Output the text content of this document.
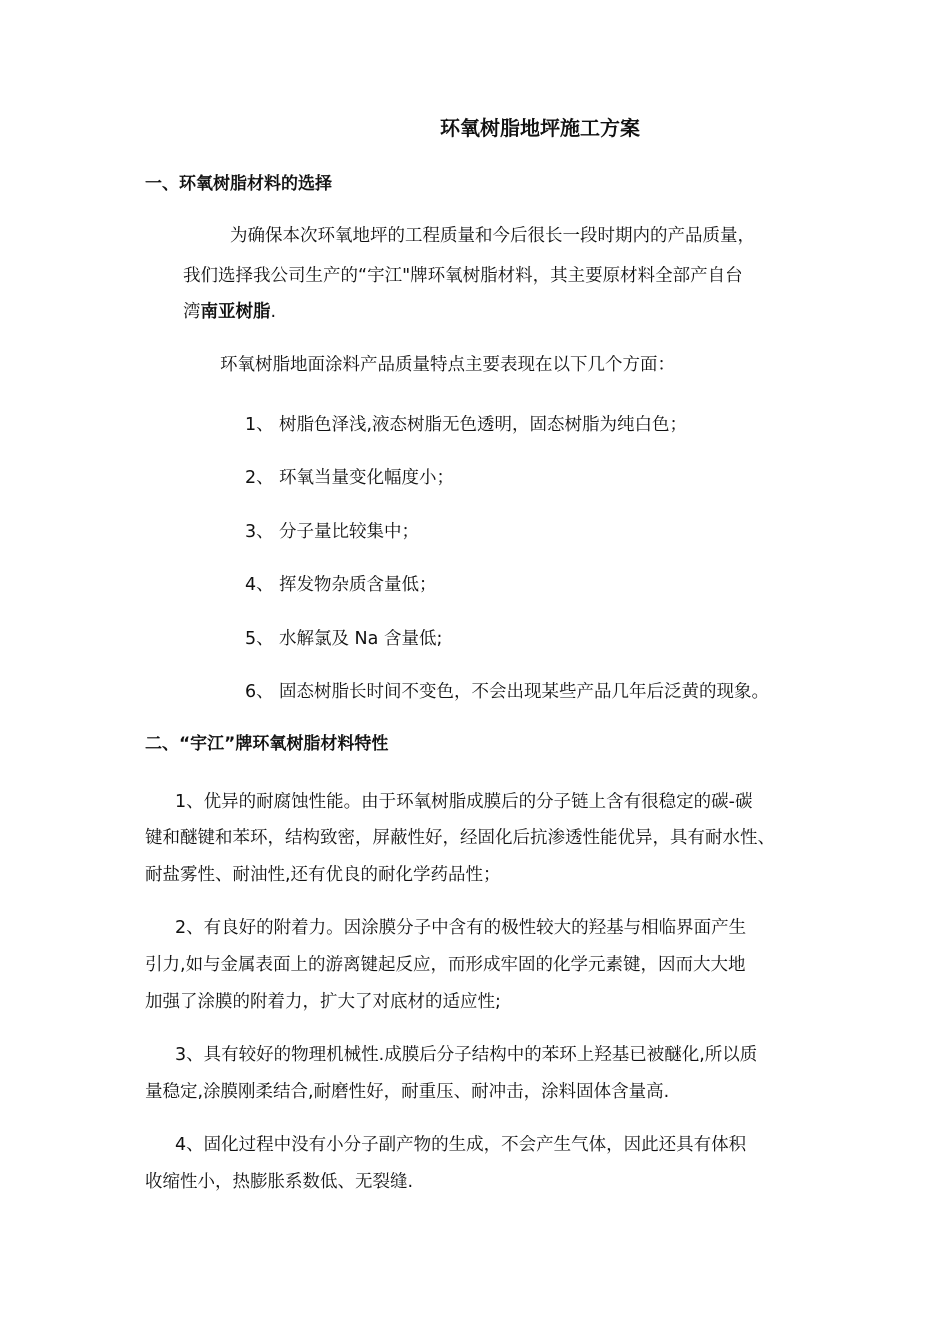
环氧树脂地坪施工方案
一、环氧树脂材料的选择
为确保本次环氧地坪的工程质量和今后很长一段时期内的产品质量，
我们选择我公司生产的“宇江"牌环氧树脂材料，其主要原材料全部产自台
湾南亚树脂.
环氧树脂地面涂料产品质量特点主要表现在以下几个方面：
1、 树脂色泽浅,液态树脂无色透明，固态树脂为纯白色；
2、 环氧当量变化幅度小；
3、 分子量比较集中；
4、 挥发物杂质含量低；
5、 水解氯及 Na 含量低;
6、 固态树脂长时间不变色，不会出现某些产品几年后泛黄的现象。
二、“宇江”牌环氧树脂材料特性
1、优异的耐腐蚀性能。由于环氧树脂成膜后的分子链上含有很稳定的碳-碳
键和醚键和苯环，结构致密，屏蔽性好，经固化后抗渗透性能优异，具有耐水性、
耐盐雾性、耐油性,还有优良的耐化学药品性；
2、有良好的附着力。因涂膜分子中含有的极性较大的羟基与相临界面产生
引力,如与金属表面上的游离键起反应，而形成牢固的化学元素键，因而大大地
加强了涂膜的附着力，扩大了对底材的适应性;
3、具有较好的物理机械性.成膜后分子结构中的苯环上羟基已被醚化,所以质
量稳定,涂膜刚柔结合,耐磨性好，耐重压、耐冲击，涂料固体含量高.
4、固化过程中没有小分子副产物的生成，不会产生气体，因此还具有体积
收缩性小，热膨胀系数低、无裂缝.
